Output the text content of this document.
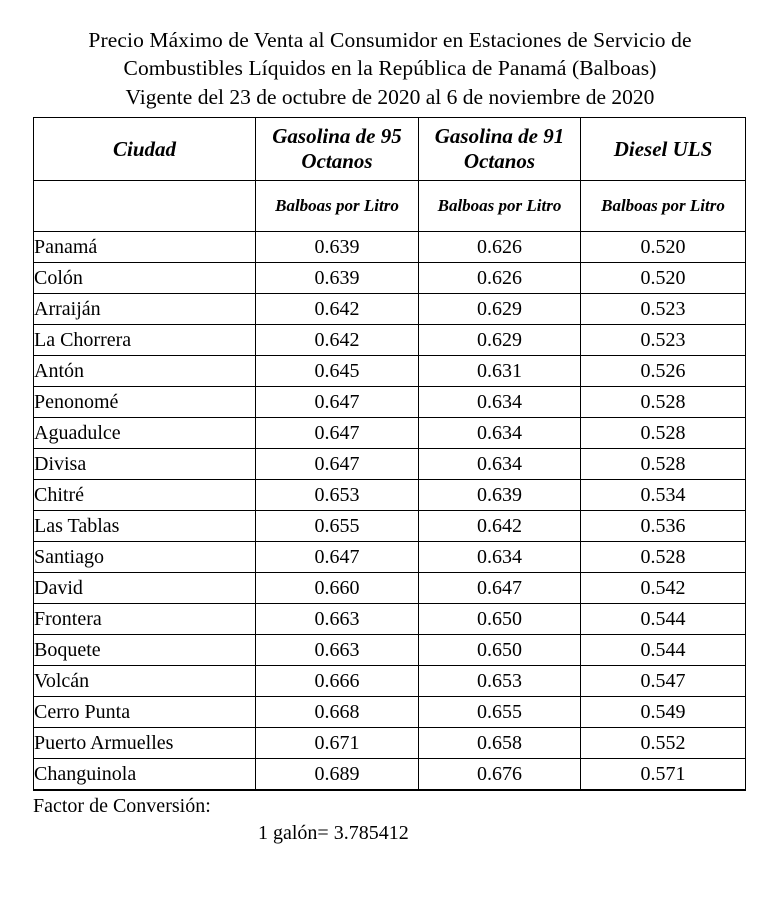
Precio Máximo de Venta al Consumidor en Estaciones de Servicio de Combustibles Líquidos en la República de Panamá (Balboas)
Vigente del 23 de octubre de 2020 al 6 de noviembre de 2020
Ciudad	Gasolina de 95 Octanos	Gasolina de 91 Octanos	Diesel ULS
	Balboas por Litro	Balboas por Litro	Balboas por Litro
Panamá	0.639	0.626	0.520
Colón	0.639	0.626	0.520
Arraiján	0.642	0.629	0.523
La Chorrera	0.642	0.629	0.523
Antón	0.645	0.631	0.526
Penonomé	0.647	0.634	0.528
Aguadulce	0.647	0.634	0.528
Divisa	0.647	0.634	0.528
Chitré	0.653	0.639	0.534
Las Tablas	0.655	0.642	0.536
Santiago	0.647	0.634	0.528
David	0.660	0.647	0.542
Frontera	0.663	0.650	0.544
Boquete	0.663	0.650	0.544
Volcán	0.666	0.653	0.547
Cerro Punta	0.668	0.655	0.549
Puerto Armuelles	0.671	0.658	0.552
Changuinola	0.689	0.676	0.571
Factor de Conversión:
1 galón= 3.785412
